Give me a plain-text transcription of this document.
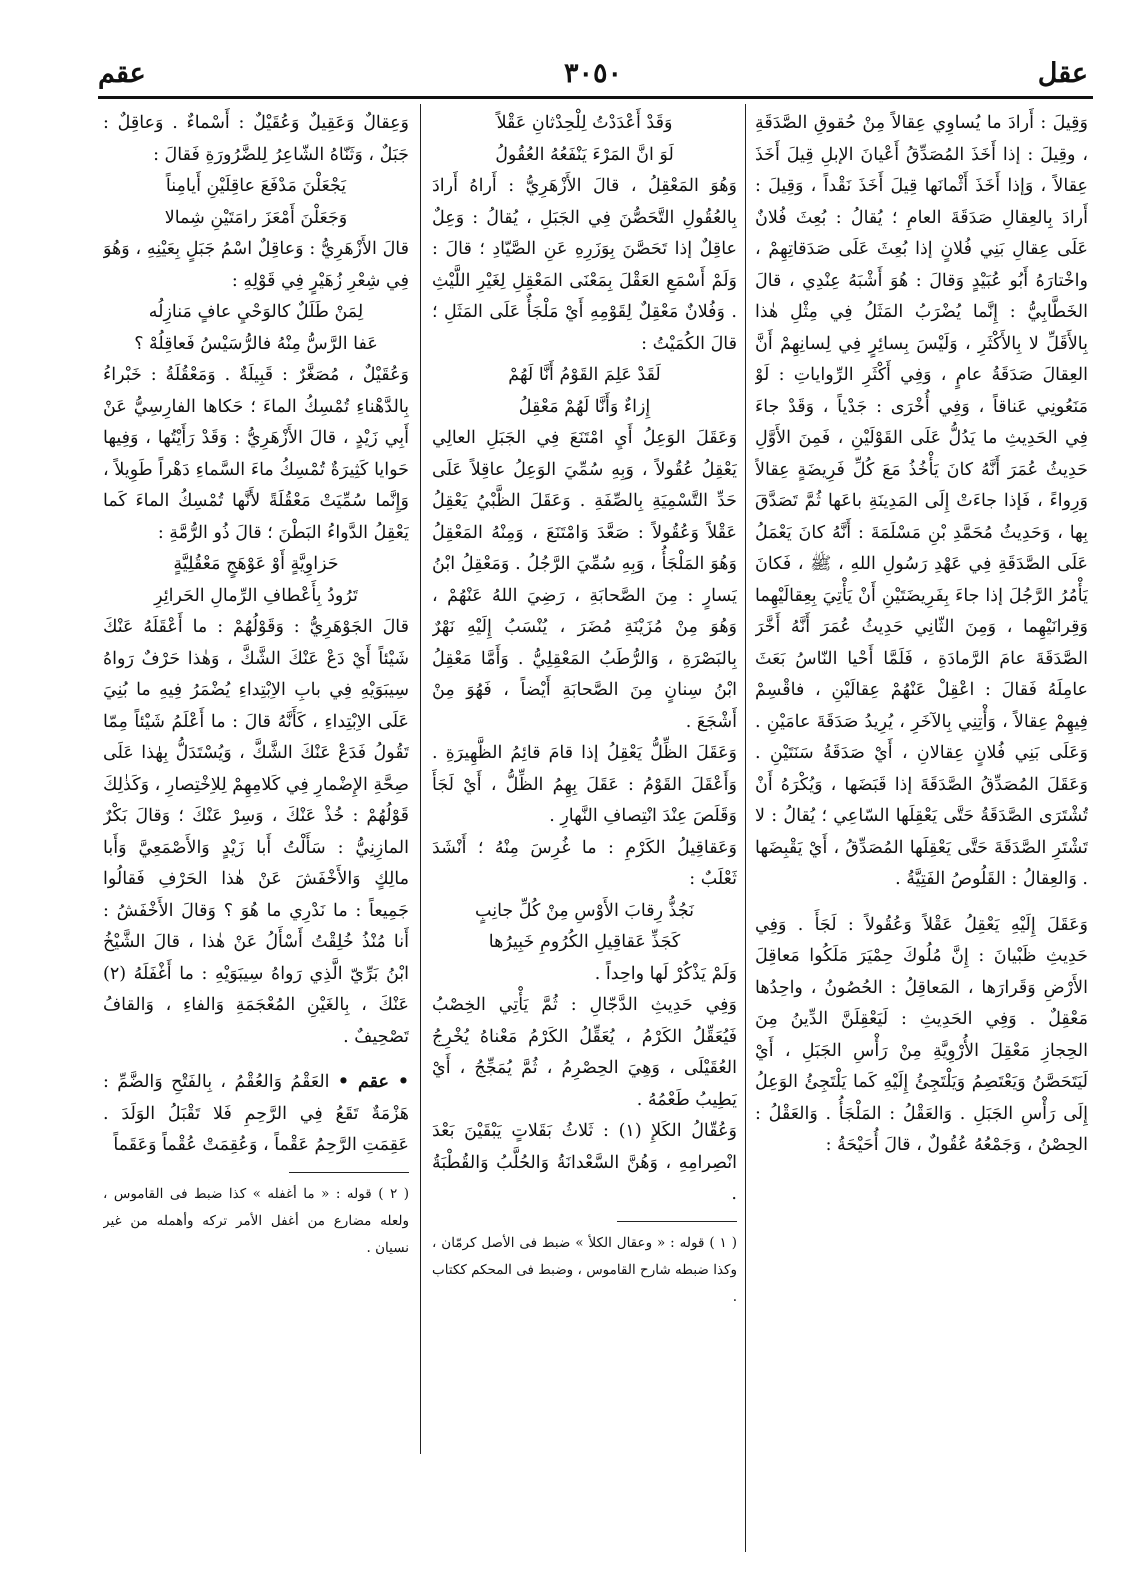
عقل
٣٠٥٠
عقم

وَقِيلَ : أَرادَ ما يُساوِي عِقالاً مِنْ حُقوقِ الصَّدَقَةِ ، وقِيلَ : إذا أَخَذَ المُصَدِّقُ أَعْيانَ الإبلِ قِيلَ أَخَذَ عِقالاً ، وَإذا أَخَذَ أَثْمانَها قِيلَ أَخَذَ نَقْداً ، وَقِيلَ : أَرادَ بِالعِقالِ صَدَقَةَ العامِ ؛ يُقالُ : بُعِثَ فُلانٌ عَلَى عِقالِ بَنِي فُلانٍ إذا بُعِثَ عَلَى صَدَقاتِهِمْ ، واخْتارَهُ أَبُو عُبَيْدٍ وَقالَ : هُوَ أَشْبَهُ عِنْدِي ، قالَ الخَطَّابِيُّ : إِنَّما يُضْرَبُ المَثَلُ فِي مِثْلِ هٰذا بِالأَقَلِّ لا بِالأَكْثَرِ ، وَلَيْسَ بِسائِرٍ فِي لِسانِهِمْ أَنَّ العِقالَ صَدَقَةُ عامٍ ، وَفِي أَكْثَرِ الرِّواياتِ : لَوْ مَنَعُونِي عَناقاً ، وَفِي أُخْرَى : جَدْياً ، وَقَدْ جاءَ فِي الحَدِيثِ ما يَدُلُّ عَلَى القَوْلَيْنِ ، فَمِنَ الأَوَّلِ حَدِيثُ عُمَرَ أَنَّهُ كانَ يَأْخُذُ مَعَ كُلِّ فَرِيضَةٍ عِقالاً وَرِواءً ، فَإذا جاءَتْ إِلَى المَدِينَةِ باعَها ثُمَّ تَصَدَّقَ بِها ، وَحَدِيثُ مُحَمَّدِ بْنِ مَسْلَمَةَ : أَنَّهُ كانَ يَعْمَلُ عَلَى الصَّدَقَةِ فِي عَهْدِ رَسُولِ اللهِ ، ﷺ ، فَكانَ يَأْمُرُ الرَّجُلَ إذا جاءَ بِفَرِيضَتَيْنِ أَنْ يَأْتِيَ بِعِقالَيْهِما وَقِرانَيْهِما ، وَمِنَ الثّانِي حَدِيثُ عُمَرَ أَنَّهُ أَخَّرَ الصَّدَقَةَ عامَ الرَّمادَةِ ، فَلَمَّا أَحْيا النّاسُ بَعَثَ عامِلَهُ فَقالَ : اعْقِلْ عَنْهُمْ عِقالَيْنِ ، فاقْسِمْ فِيهِمْ عِقالاً ، وَأْتِنِي بِالآخَرِ ، يُرِيدُ صَدَقَةَ عامَيْنِ . وَعَلَى بَنِي فُلانٍ عِقالانِ ، أَيْ صَدَقَةُ سَنَتَيْنِ . وَعَقَلَ المُصَدِّقُ الصَّدَقَةَ إذا قَبَضَها ، وَيُكْرَهُ أَنْ تُشْتَرَى الصَّدَقَةُ حَتَّى يَعْقِلَها السّاعِي ؛ يُقالُ : لا تَشْتَرِ الصَّدَقَةَ حَتَّى يَعْقِلَها المُصَدِّقُ ، أَيْ يَقْبِضَها . وَالعِقالُ : القَلُوصُ الفَتِيَّةُ .

وَعَقَلَ إِلَيْهِ يَعْقِلُ عَقْلاً وَعُقُولاً : لَجَأَ . وَفِي حَدِيثِ ظَبْيانَ : إِنَّ مُلُوكَ حِمْيَرَ مَلَكُوا مَعاقِلَ الأَرْضِ وَقَرارَها ، المَعاقِلُ : الحُصُونُ ، واحِدُها مَعْقِلٌ . وَفِي الحَدِيثِ : لَيَعْقِلَنَّ الدِّينُ مِنَ الحِجازِ مَعْقِلَ الأُرْوِيَّةِ مِنْ رَأْسِ الجَبَلِ ، أَيْ لَيَتَحَصَّنُ وَيَعْتَصِمُ وَيَلْتَجِئُ إِلَيْهِ كَما يَلْتَجِئُ الوَعِلُ إِلَى رَأْسِ الجَبَلِ . وَالعَقْلُ : المَلْجَأُ . وَالعَقْلُ : الحِصْنُ ، وَجَمْعُهُ عُقُولٌ ، قالَ أُحَيْحَةُ :

وَقَدْ أَعْدَدْتُ لِلْحِدْثانِ عَقْلاً
لَوَ انَّ المَرْءَ يَنْفَعُهُ العُقُولُ

وَهُوَ المَعْقِلُ ، قالَ الأَزْهَرِيُّ : أَراهُ أَرادَ بِالعُقُولِ التَّحَصُّنَ فِي الجَبَلِ ، يُقالُ : وَعِلٌ عاقِلٌ إذا تَحَصَّنَ بِوَزَرِهِ عَنِ الصَّيّادِ ؛ قالَ : وَلَمْ أَسْمَعِ العَقْلَ بِمَعْنَى المَعْقِلِ لِغَيْرِ اللَّيْثِ . وَفُلانٌ مَعْقِلٌ لِقَوْمِهِ أَيْ مَلْجَأٌ عَلَى المَثَلِ ؛ قالَ الكُمَيْتُ :

لَقَدْ عَلِمَ القَوْمُ أَنَّا لَهُمْ
إِزاءٌ وَأَنَّا لَهُمْ مَعْقِلُ

وَعَقَلَ الوَعِلُ أَيِ امْتَنَعَ فِي الجَبَلِ العالِي يَعْقِلُ عُقُولاً ، وَبِهِ سُمِّيَ الوَعِلُ عاقِلاً عَلَى حَدِّ التَّسْمِيَةِ بِالصِّفَةِ . وَعَقَلَ الظَّبْيُ يَعْقِلُ عَقْلاً وَعُقُولاً : صَعَّدَ وَامْتَنَعَ ، وَمِنْهُ المَعْقِلُ وَهُوَ المَلْجَأُ ، وَبِهِ سُمِّيَ الرَّجُلُ . وَمَعْقِلُ ابْنُ يَسارٍ : مِنَ الصَّحابَةِ ، رَضِيَ اللهُ عَنْهُمْ ، وَهُوَ مِنْ مُزَيْنَةِ مُضَرَ ، يُنْسَبُ إِلَيْهِ نَهْرٌ بِالبَصْرَةِ ، وَالرُّطَبُ المَعْقِلِيُّ . وَأَمَّا مَعْقِلُ ابْنُ سِنانٍ مِنَ الصَّحابَةِ أَيْضاً ، فَهُوَ مِنْ أَشْجَعَ .

وَعَقَلَ الظِّلُّ يَعْقِلُ إذا قامَ قائِمُ الظَّهِيرَةِ . وَأَعْقَلَ القَوْمُ : عَقَلَ بِهِمُ الظِّلُّ ، أَيْ لَجَأَ وَقَلَصَ عِنْدَ انْتِصافِ النَّهارِ .

وَعَقاقِيلُ الكَرْمِ : ما غُرِسَ مِنْهُ ؛ أَنْشَدَ ثَعْلَبٌ :

نَجُذُّ رِقابَ الأَوْسِ مِنْ كُلِّ جانِبٍ
كَجَذِّ عَقاقِيلِ الكُرُومِ خَبِيرُها

وَلَمْ يَذْكُرْ لَها واحِداً .

وَفِي حَدِيثِ الدَّجّالِ : ثُمَّ يَأْتِي الخِصْبُ فَيُعَقِّلُ الكَرْمُ ، يُعَقِّلُ الكَرْمُ مَعْناهُ يُخْرِجُ العُقَيْلَى ، وَهِيَ الحِصْرِمُ ، ثُمَّ يُمَجِّجُ ، أَيْ يَطِيبُ طَعْمُهُ .

وَعُقّالُ الكَلإِ (١) : ثَلاثُ بَقَلاتٍ يَبْقَيْنَ بَعْدَ انْصِرامِهِ ، وَهُنَّ السَّعْدانَةُ وَالحُلَّبُ وَالقُطْبَةُ .

( ١ ) قوله : « وعقال الكلأ » ضبط فى الأصل كرمّان ، وكذا ضبطه شارح القاموس ، وضبط فى المحكم ككتاب .

وَعِقالٌ وَعَقِيلٌ وَعُقَيْلٌ : أَسْماءٌ . وَعاقِلٌ : جَبَلٌ ، وَثَنّاهُ الشّاعِرُ لِلضَّرُورَةِ فَقالَ :

يَجْعَلْنَ مَدْفَعَ عاقِلَيْنِ أَيامِناً
وَجَعَلْنَ أَمْعَزَ رامَتَيْنِ شِمالا

قالَ الأَزْهَرِيُّ : وَعاقِلٌ اسْمُ جَبَلٍ بِعَيْنِهِ ، وَهُوَ فِي شِعْرِ زُهَيْرٍ فِي قَوْلِهِ :

لِمَنْ طَلَلٌ كالوَحْيِ عافٍ مَنازِلُه
عَفا الرَّسُّ مِنْهُ فالرُّسَيْسُ فَعاقِلُهْ ؟

وَعُقَيْلٌ ، مُصَغَّرٌ : قَبِيلَةٌ . وَمَعْقُلَةُ : خَبْراءُ بِالدَّهْناءِ تُمْسِكُ الماءَ ؛ حَكاها الفارِسِيُّ عَنْ أَبِي زَيْدٍ ، قالَ الأَزْهَرِيُّ : وَقَدْ رَأَيْتُها ، وَفِيها حَوايا كَثِيرَةٌ تُمْسِكُ ماءَ السَّماءِ دَهْراً طَوِيلاً ، وَإِنَّما سُمِّيَتْ مَعْقُلَةً لأَنَّها تُمْسِكُ الماءَ كَما يَعْقِلُ الدَّواءُ البَطْنَ ؛ قالَ ذُو الرُّمَّةِ :

حَزاوِيَّةٍ أَوْ عَوْهَجٍ مَعْقُلِيَّةٍ
تَرُودُ بِأَعْطافِ الرِّمالِ الحَرائِرِ

قالَ الجَوْهَرِيُّ : وَقَوْلُهُمْ : ما أَعْقَلَهُ عَنْكَ شَيْئاً أَيْ دَعْ عَنْكَ الشَّكَّ ، وَهٰذا حَرْفٌ رَواهُ سِيبَوَيْهِ فِي بابِ الاِبْتِداءِ يُضْمَرُ فِيهِ ما بُنِيَ عَلَى الاِبْتِداءِ ، كَأَنَّهُ قالَ : ما أَعْلَمُ شَيْئاً مِمّا تَقُولُ فَدَعْ عَنْكَ الشَّكَّ ، وَيُسْتَدَلُّ بِهٰذا عَلَى صِحَّةِ الإِضْمارِ فِي كَلامِهِمْ لِلاِخْتِصارِ ، وَكَذٰلِكَ قَوْلُهُمْ : خُذْ عَنْكَ ، وَسِرْ عَنْكَ ؛ وَقالَ بَكْرٌ المازِنِيُّ : سَأَلْتُ أَبا زَيْدٍ وَالأَصْمَعِيَّ وَأَبا مالِكٍ وَالأَخْفَشَ عَنْ هٰذا الحَرْفِ فَقالُوا جَمِيعاً : ما نَدْرِي ما هُوَ ؟ وَقالَ الأَخْفَشُ : أَنا مُنْذُ خُلِقْتُ أَسْأَلُ عَنْ هٰذا ، قالَ الشَّيْخُ ابْنُ بَرِّيّ الَّذِي رَواهُ سِيبَوَيْهِ : ما أَغْفَلَهُ (٢) عَنْكَ ، بِالغَيْنِ المُعْجَمَةِ وَالفاءِ ، وَالقافُ تَصْحِيفٌ .

• عقم • العَقْمُ وَالعُقْمُ ، بِالفَتْحِ وَالضَّمِّ : هَزْمَةٌ تَقَعُ فِي الرَّحِمِ فَلا تَقْبَلُ الوَلَدَ . عَقِمَتِ الرَّحِمُ عَقْماً ، وَعُقِمَتْ عُقْماً وَعَقَماً

( ٢ ) قوله : « ما أغفله » كذا ضبط فى القاموس ، ولعله مضارع من أغفل الأمر تركه وأهمله من غير نسيان .
